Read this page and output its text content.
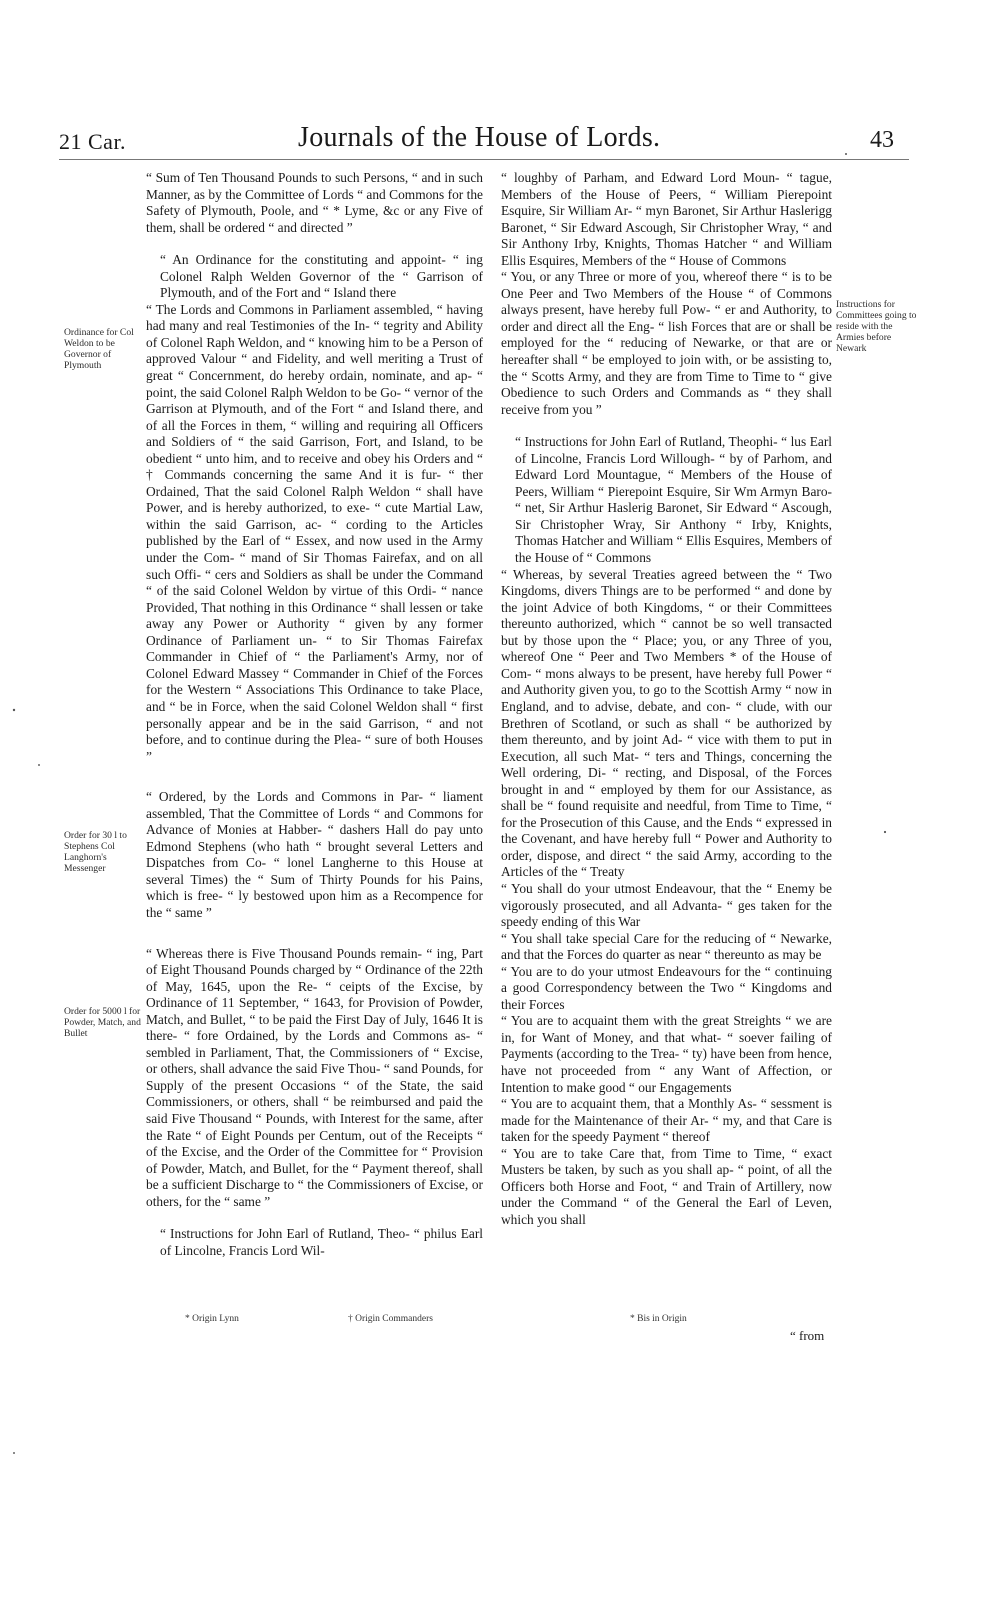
21 Car.	Journals of the House of Lords.	43
Ordinance for Col Weldon to be Governor of Plymouth
Order for 30 l to Stephens Col Langhorn's Messenger
Order for 5000 l for Powder, Match, and Bullet
Instructions for Committees going to reside with the Armies before Newark

“ Sum of Ten Thousand Pounds to such Persons, “ and in such Manner, as by the Committee of Lords “ and Commons for the Safety of Plymouth, Poole, and “ * Lyme, &c or any Five of them, shall be ordered “ and directed ”

“ An Ordinance for the constituting and appoint- “ ing Colonel Ralph Welden Governor of the “ Garrison of Plymouth, and of the Fort and “ Island there

“ The Lords and Commons in Parliament assembled, “ having had many and real Testimonies of the In- “ tegrity and Ability of Colonel Raph Weldon, and “ knowing him to be a Person of approved Valour “ and Fidelity, and well meriting a Trust of great “ Concernment, do hereby ordain, nominate, and ap- “ point, the said Colonel Ralph Weldon to be Go- “ vernor of the Garrison at Plymouth, and of the Fort “ and Island there, and of all the Forces in them, “ willing and requiring all Officers and Soldiers of “ the said Garrison, Fort, and Island, to be obedient “ unto him, and to receive and obey his Orders and “ † Commands concerning the same And it is fur- “ ther Ordained, That the said Colonel Ralph Weldon “ shall have Power, and is hereby authorized, to exe- “ cute Martial Law, within the said Garrison, ac- “ cording to the Articles published by the Earl of “ Essex, and now used in the Army under the Com- “ mand of Sir Thomas Fairefax, and on all such Offi- “ cers and Soldiers as shall be under the Command “ of the said Colonel Weldon by virtue of this Ordi- “ nance Provided, That nothing in this Ordinance “ shall lessen or take away any Power or Authority “ given by any former Ordinance of Parliament un- “ to Sir Thomas Fairefax Commander in Chief of “ the Parliament's Army, nor of Colonel Edward Massey “ Commander in Chief of the Forces for the Western “ Associations This Ordinance to take Place, and “ be in Force, when the said Colonel Weldon shall “ first personally appear and be in the said Garrison, “ and not before, and to continue during the Plea- “ sure of both Houses ”

“ Ordered, by the Lords and Commons in Par- “ liament assembled, That the Committee of Lords “ and Commons for Advance of Monies at Habber- “ dashers Hall do pay unto Edmond Stephens (who hath “ brought several Letters and Dispatches from Co- “ lonel Langherne to this House at several Times) the “ Sum of Thirty Pounds for his Pains, which is free- “ ly bestowed upon him as a Recompence for the “ same ”

“ Whereas there is Five Thousand Pounds remain- “ ing, Part of Eight Thousand Pounds charged by “ Ordinance of the 22th of May, 1645, upon the Re- “ ceipts of the Excise, by Ordinance of 11 September, “ 1643, for Provision of Powder, Match, and Bullet, “ to be paid the First Day of July, 1646 It is there- “ fore Ordained, by the Lords and Commons as- “ sembled in Parliament, That, the Commissioners of “ Excise, or others, shall advance the said Five Thou- “ sand Pounds, for Supply of the present Occasions “ of the State, the said Commissioners, or others, shall “ be reimbursed and paid the said Five Thousand “ Pounds, with Interest for the same, after the Rate “ of Eight Pounds per Centum, out of the Receipts “ of the Excise, and the Order of the Committee for “ Provision of Powder, Match, and Bullet, for the “ Payment thereof, shall be a sufficient Discharge to “ the Commissioners of Excise, or others, for the “ same ”

“ Instructions for John Earl of Rutland, Theo- “ philus Earl of Lincolne, Francis Lord Wil-

“ loughby of Parham, and Edward Lord Moun- “ tague, Members of the House of Peers, “ William Pierepoint Esquire, Sir William Ar- “ myn Baronet, Sir Arthur Haslerigg Baronet, “ Sir Edward Ascough, Sir Christopher Wray, “ and Sir Anthony Irby, Knights, Thomas Hatcher “ and William Ellis Esquires, Members of the “ House of Commons

“ You, or any Three or more of you, whereof there “ is to be One Peer and Two Members of the House “ of Commons always present, have hereby full Pow- “ er and Authority, to order and direct all the Eng- “ lish Forces that are or shall be employed for the “ reducing of Newarke, or that are or hereafter shall “ be employed to join with, or be assisting to, the “ Scotts Army, and they are from Time to Time to “ give Obedience to such Orders and Commands as “ they shall receive from you ”

“ Instructions for John Earl of Rutland, Theophi- “ lus Earl of Lincolne, Francis Lord Willough- “ by of Parhom, and Edward Lord Mountague, “ Members of the House of Peers, William “ Pierepoint Esquire, Sir Wm Armyn Baro- “ net, Sir Arthur Haslerig Baronet, Sir Edward “ Ascough, Sir Christopher Wray, Sir Anthony “ Irby, Knights, Thomas Hatcher and William “ Ellis Esquires, Members of the House of “ Commons

“ Whereas, by several Treaties agreed between the “ Two Kingdoms, divers Things are to be performed “ and done by the joint Advice of both Kingdoms, “ or their Committees thereunto authorized, which “ cannot be so well transacted but by those upon the “ Place; you, or any Three of you, whereof One “ Peer and Two Members * of the House of Com- “ mons always to be present, have hereby full Power “ and Authority given you, to go to the Scottish Army “ now in England, and to advise, debate, and con- “ clude, with our Brethren of Scotland, or such as shall “ be authorized by them thereunto, and by joint Ad- “ vice with them to put in Execution, all such Mat- “ ters and Things, concerning the Well ordering, Di- “ recting, and Disposal, of the Forces brought in and “ employed by them for our Assistance, as shall be “ found requisite and needful, from Time to Time, “ for the Prosecution of this Cause, and the Ends “ expressed in the Covenant, and have hereby full “ Power and Authority to order, dispose, and direct “ the said Army, according to the Articles of the “ Treaty

“ You shall do your utmost Endeavour, that the “ Enemy be vigorously prosecuted, and all Advanta- “ ges taken for the speedy ending of this War

“ You shall take special Care for the reducing of “ Newarke, and that the Forces do quarter as near “ thereunto as may be

“ You are to do your utmost Endeavours for the “ continuing a good Correspondency between the Two “ Kingdoms and their Forces

“ You are to acquaint them with the great Streights “ we are in, for Want of Money, and that what- “ soever failing of Payments (according to the Trea- “ ty) have been from hence, have not proceeded from “ any Want of Affection, or Intention to make good “ our Engagements

“ You are to acquaint them, that a Monthly As- “ sessment is made for the Maintenance of their Ar- “ my, and that Care is taken for the speedy Payment “ thereof

“ You are to take Care that, from Time to Time, “ exact Musters be taken, by such as you shall ap- “ point, of all the Officers both Horse and Foot, “ and Train of Artillery, now under the Command “ of the General the Earl of Leven, which you shall

* Origin Lynn	† Origin Commanders	* Bis in Origin
“ from
